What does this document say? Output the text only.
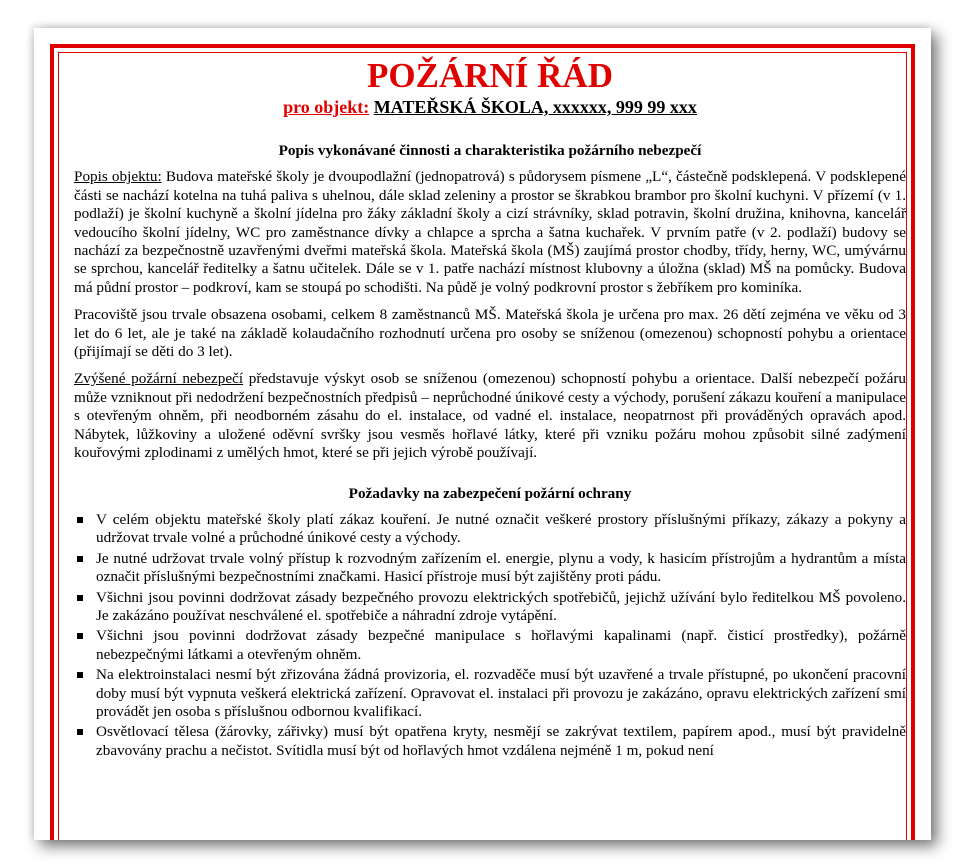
POŽÁRNÍ ŘÁD

pro objekt: MATEŘSKÁ ŠKOLA, xxxxxx, 999 99 xxx

Popis vykonávané činnosti a charakteristika požárního nebezpečí

Popis objektu: Budova mateřské školy je dvoupodlažní (jednopatrová) s půdorysem písmene „L“, částečně podsklepená. V podsklepené části se nachází kotelna na tuhá paliva s uhelnou, dále sklad zeleniny a prostor se škrabkou brambor pro školní kuchyni. V přízemí (v 1. podlaží) je školní kuchyně a školní jídelna pro žáky základní školy a cizí strávníky, sklad potravin, školní družina, knihovna, kancelář vedoucího školní jídelny, WC pro zaměstnance dívky a chlapce a sprcha a šatna kuchařek. V prvním patře (v 2. podlaží) budovy se nachází za bezpečnostně uzavřenými dveřmi mateřská škola. Mateřská škola (MŠ) zaujímá prostor chodby, třídy, herny, WC, umývárnu se sprchou, kancelář ředitelky a šatnu učitelek. Dále se v 1. patře nachází místnost klubovny a úložna (sklad) MŠ na pomůcky. Budova má půdní prostor – podkroví, kam se stoupá po schodišti. Na půdě je volný podkrovní prostor s žebříkem pro kominíka.

Pracoviště jsou trvale obsazena osobami, celkem 8 zaměstnanců MŠ. Mateřská škola je určena pro max. 26 dětí zejména ve věku od 3 let do 6 let, ale je také na základě kolaudačního rozhodnutí určena pro osoby se sníženou (omezenou) schopností pohybu a orientace (přijímají se děti do 3 let).

Zvýšené požární nebezpečí představuje výskyt osob se sníženou (omezenou) schopností pohybu a orientace. Další nebezpečí požáru může vzniknout při nedodržení bezpečnostních předpisů – neprůchodné únikové cesty a východy, porušení zákazu kouření a manipulace s otevřeným ohněm, při neodborném zásahu do el. instalace, od vadné el. instalace, neopatrnost při prováděných opravách apod. Nábytek, lůžkoviny a uložené oděvní svršky jsou vesměs hořlavé látky, které při vzniku požáru mohou způsobit silné zadýmení kouřovými zplodinami z umělých hmot, které se při jejich výrobě používají.

Požadavky na zabezpečení požární ochrany

V celém objektu mateřské školy platí zákaz kouření. Je nutné označit veškeré prostory příslušnými příkazy, zákazy a pokyny a udržovat trvale volné a průchodné únikové cesty a východy.
Je nutné udržovat trvale volný přístup k rozvodným zařízením el. energie, plynu a vody, k hasicím přístrojům a hydrantům a místa označit příslušnými bezpečnostními značkami. Hasicí přístroje musí být zajištěny proti pádu.
Všichni jsou povinni dodržovat zásady bezpečného provozu elektrických spotřebičů, jejichž užívání bylo ředitelkou MŠ povoleno. Je zakázáno používat neschválené el. spotřebiče a náhradní zdroje vytápění.
Všichni jsou povinni dodržovat zásady bezpečné manipulace s hořlavými kapalinami (např. čisticí prostředky), požárně nebezpečnými látkami a otevřeným ohněm.
Na elektroinstalaci nesmí být zřizována žádná provizoria, el. rozvaděče musí být uzavřené a trvale přístupné, po ukončení pracovní doby musí být vypnuta veškerá elektrická zařízení. Opravovat el. instalaci při provozu je zakázáno, opravu elektrických zařízení smí provádět jen osoba s příslušnou odbornou kvalifikací.
Osvětlovací tělesa (žárovky, zářivky) musí být opatřena kryty, nesmějí se zakrývat textilem, papírem apod., musí být pravidelně zbavovány prachu a nečistot. Svítidla musí být od hořlavých hmot vzdálena nejméně 1 m, pokud není
